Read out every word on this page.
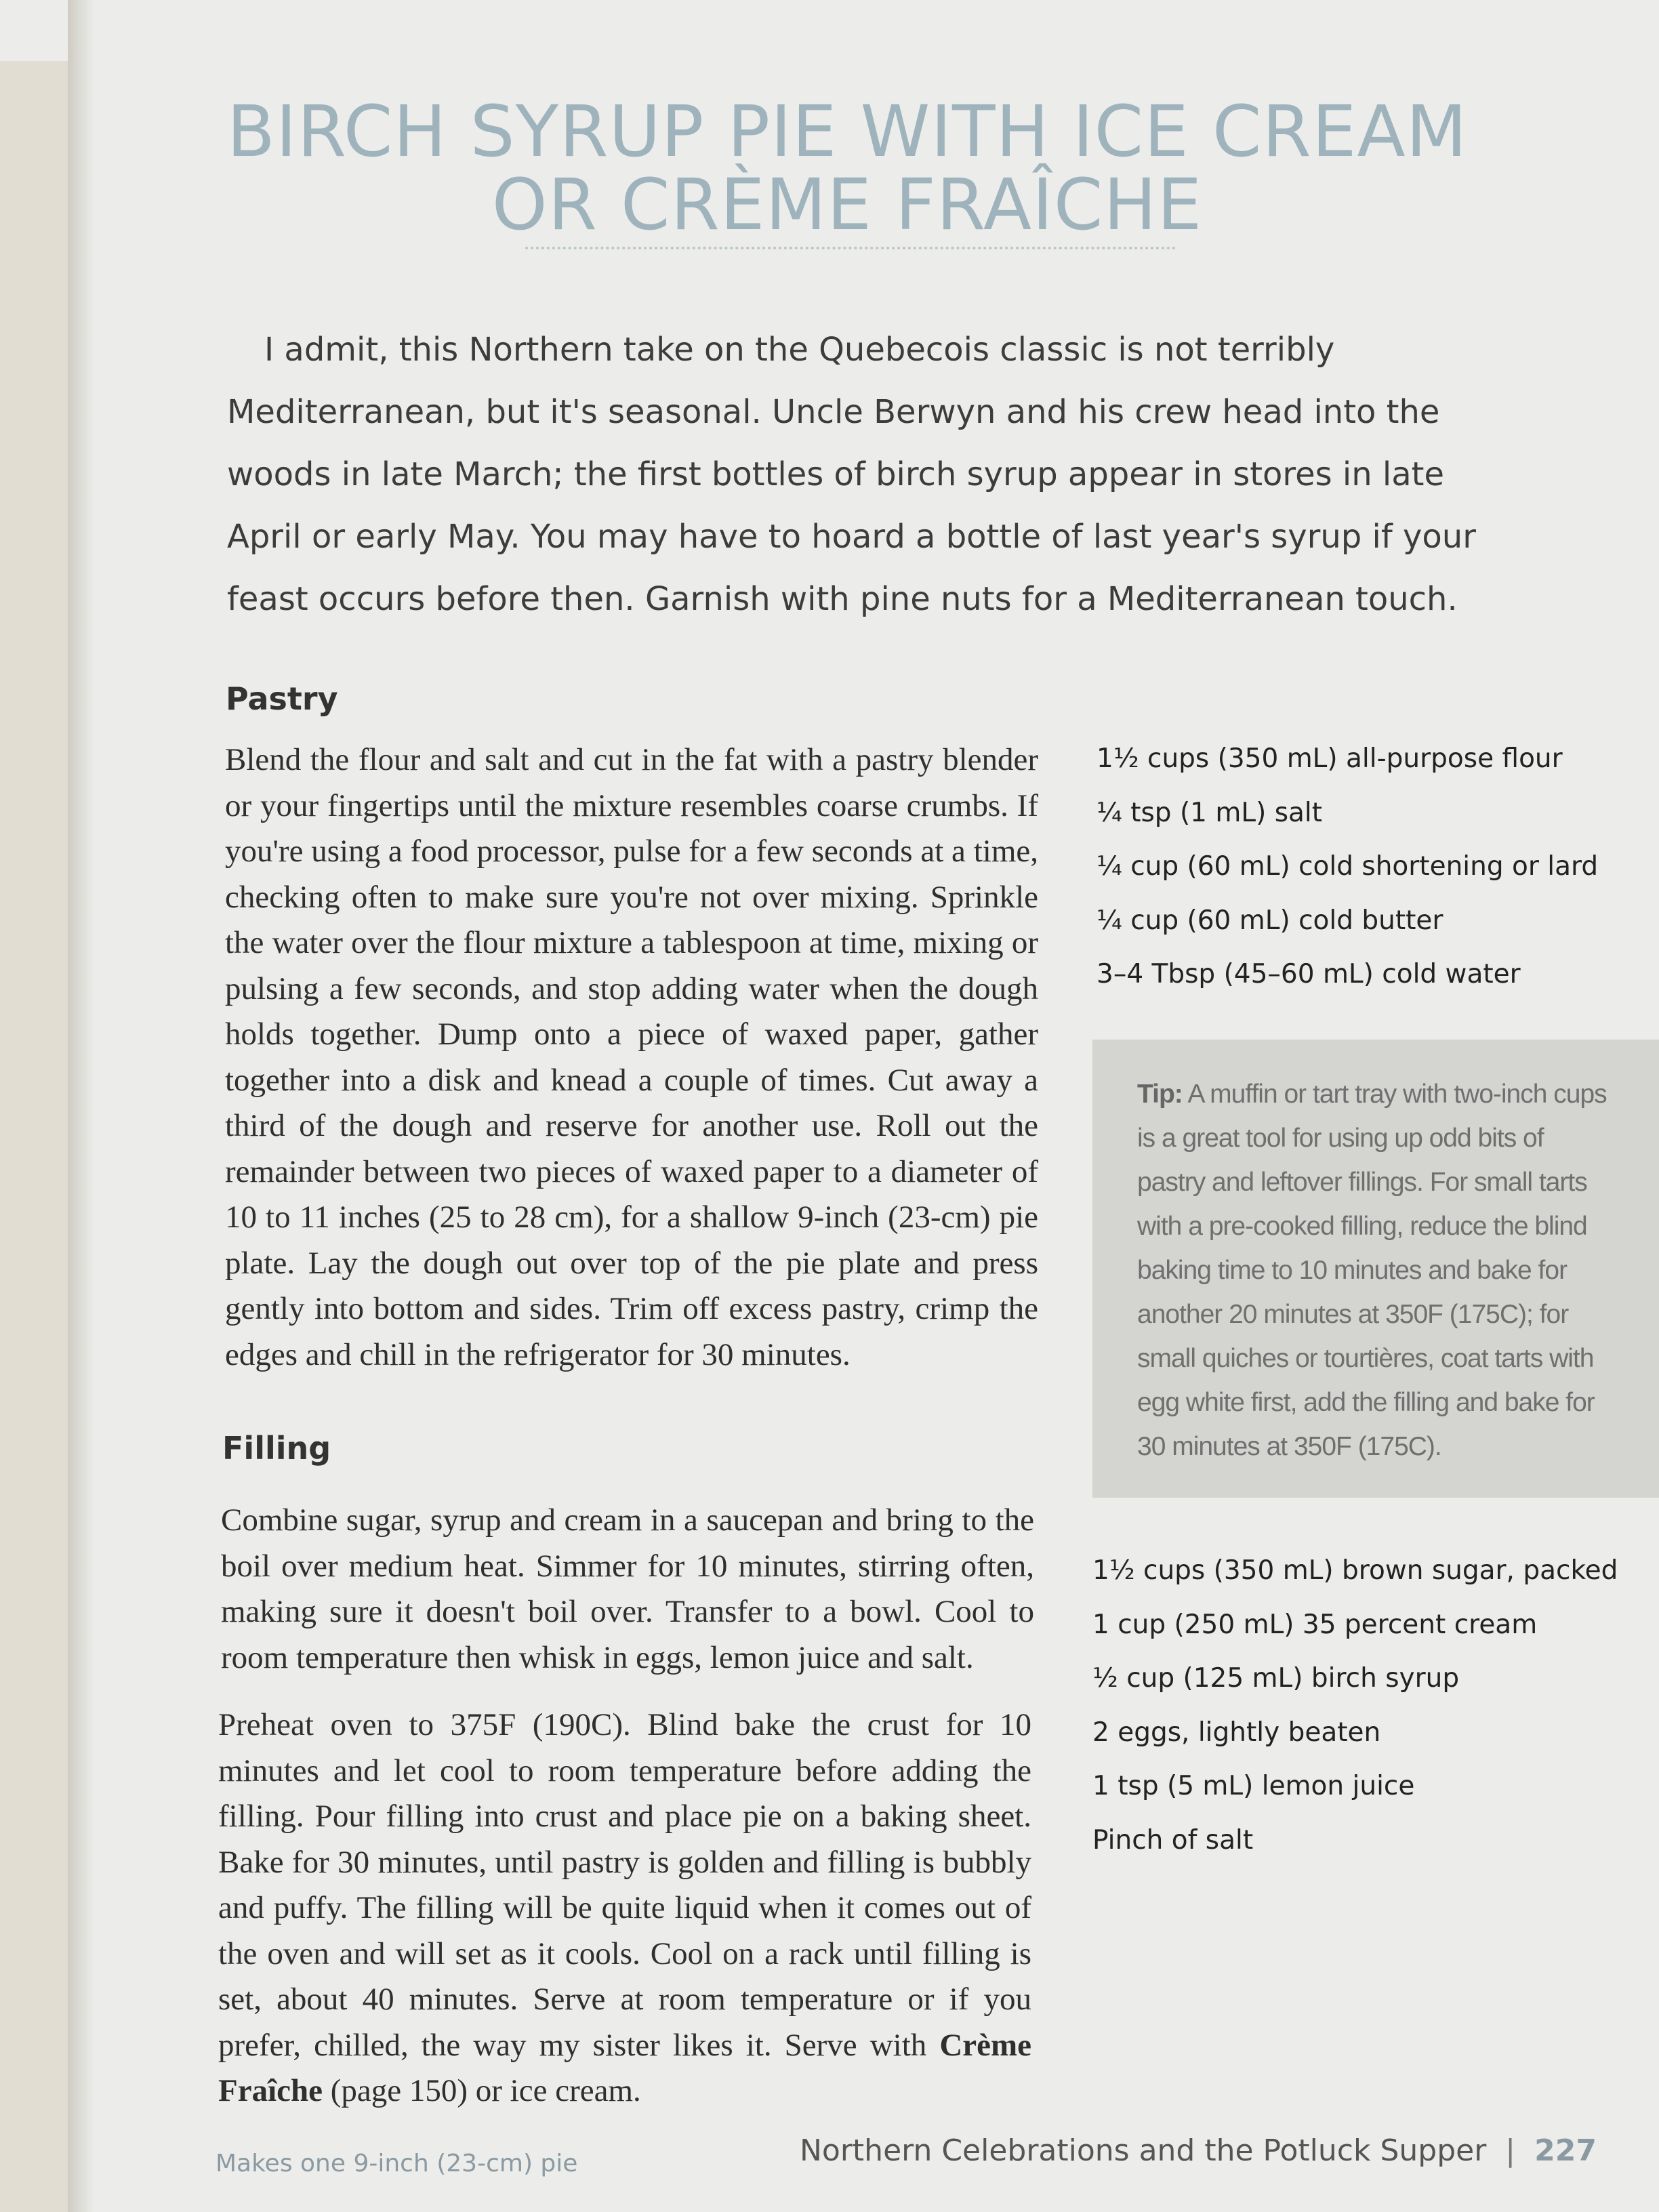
BIRCH SYRUP PIE WITH ICE CREAM
OR CRÈME FRAÎCHE

I admit, this Northern take on the Quebecois classic is not terribly Mediterranean, but it's seasonal. Uncle Berwyn and his crew head into the woods in late March; the first bottles of birch syrup appear in stores in late April or early May. You may have to hoard a bottle of last year's syrup if your feast occurs before then. Garnish with pine nuts for a Mediterranean touch.

Pastry

Blend the flour and salt and cut in the fat with a pastry blender or your fingertips until the mixture resembles coarse crumbs. If you're using a food processor, pulse for a few seconds at a time, checking often to make sure you're not over mixing. Sprinkle the water over the flour mixture a tablespoon at time, mixing or pulsing a few seconds, and stop adding water when the dough holds together. Dump onto a piece of waxed paper, gather together into a disk and knead a couple of times. Cut away a third of the dough and reserve for another use. Roll out the remainder between two pieces of waxed paper to a diameter of 10 to 11 inches (25 to 28 cm), for a shallow 9-inch (23-cm) pie plate. Lay the dough out over top of the pie plate and press gently into bottom and sides. Trim off excess pastry, crimp the edges and chill in the refrigerator for 30 minutes.

1½ cups (350 mL) all-purpose flour
¼ tsp (1 mL) salt
¼ cup (60 mL) cold shortening or lard
¼ cup (60 mL) cold butter
3–4 Tbsp (45–60 mL) cold water

Tip: A muffin or tart tray with two-inch cups is a great tool for using up odd bits of pastry and leftover fillings. For small tarts with a pre-cooked filling, reduce the blind baking time to 10 minutes and bake for another 20 minutes at 350F (175C); for small quiches or tourtières, coat tarts with egg white first, add the filling and bake for 30 minutes at 350F (175C).

Filling

Combine sugar, syrup and cream in a saucepan and bring to the boil over medium heat. Simmer for 10 minutes, stirring often, making sure it doesn't boil over. Transfer to a bowl. Cool to room temperature then whisk in eggs, lemon juice and salt.

Preheat oven to 375F (190C). Blind bake the crust for 10 minutes and let cool to room temperature before adding the filling. Pour filling into crust and place pie on a baking sheet. Bake for 30 minutes, until pastry is golden and filling is bubbly and puffy. The filling will be quite liquid when it comes out of the oven and will set as it cools. Cool on a rack until filling is set, about 40 minutes. Serve at room temperature or if you prefer, chilled, the way my sister likes it. Serve with Crème Fraîche (page 150) or ice cream.

1½ cups (350 mL) brown sugar, packed
1 cup (250 mL) 35 percent cream
½ cup (125 mL) birch syrup
2 eggs, lightly beaten
1 tsp (5 mL) lemon juice
Pinch of salt
Makes one 9-inch (23-cm) pie	Northern Celebrations and the Potluck Supper | 227
